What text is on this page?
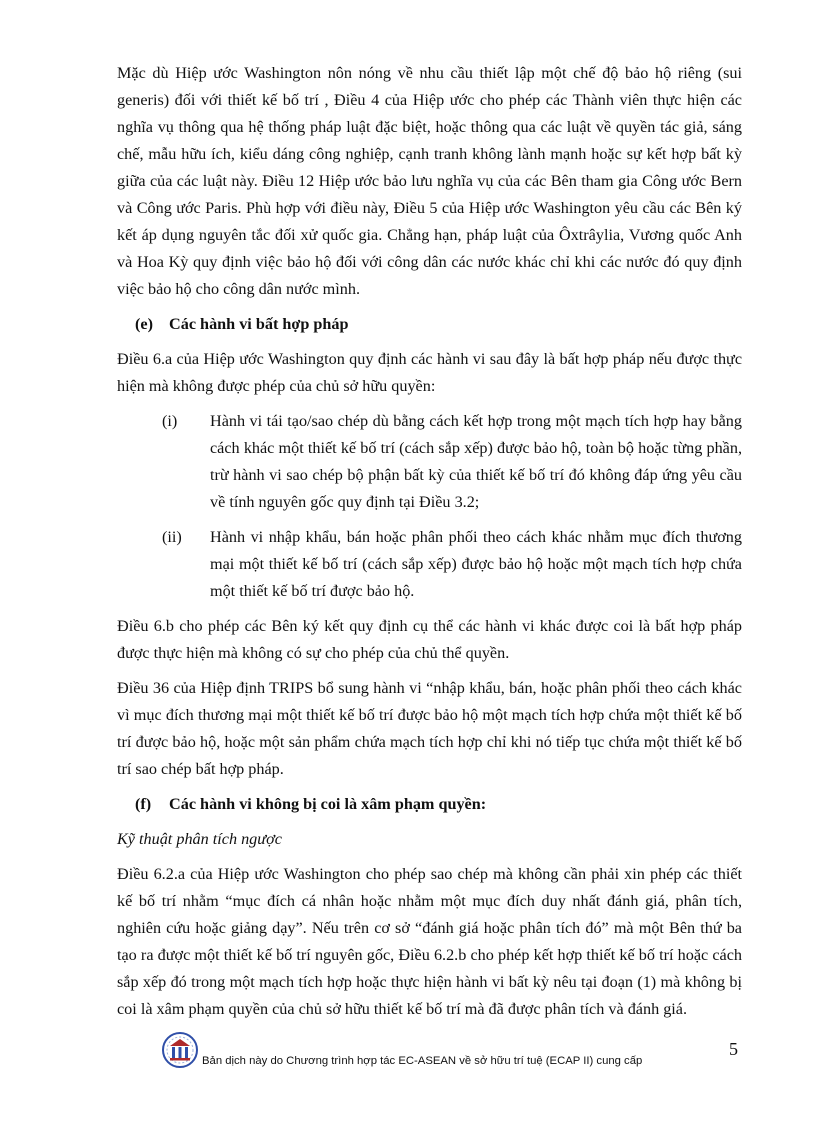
Mặc dù Hiệp ước Washington nôn nóng về nhu cầu thiết lập một chế độ bảo hộ riêng (sui generis) đối với thiết kế bố trí , Điều 4 của Hiệp ước cho phép các Thành viên thực hiện các nghĩa vụ thông qua hệ thống pháp luật đặc biệt, hoặc thông qua các luật về quyền tác giả, sáng chế, mẫu hữu ích, kiểu dáng công nghiệp, cạnh tranh không lành mạnh hoặc sự kết hợp bất kỳ giữa của các luật này. Điều 12 Hiệp ước bảo lưu nghĩa vụ của các Bên tham gia Công ước Bern và Công ước Paris. Phù hợp với điều này, Điều 5 của Hiệp ước Washington yêu cầu các Bên ký kết áp dụng nguyên tắc đối xử quốc gia. Chẳng hạn, pháp luật của Ôxtrâylia, Vương quốc Anh và Hoa Kỳ quy định việc bảo hộ đối với công dân các nước khác chỉ khi các nước đó quy định việc bảo hộ cho công dân nước mình.

(e) Các hành vi bất hợp pháp

Điều 6.a của Hiệp ước Washington quy định các hành vi sau đây là bất hợp pháp nếu được thực hiện mà không được phép của chủ sở hữu quyền:

(i)	Hành vi tái tạo/sao chép dù bằng cách kết hợp trong một mạch tích hợp hay bằng cách khác một thiết kế bố trí (cách sắp xếp) được bảo hộ, toàn bộ hoặc từng phần, trừ hành vi sao chép bộ phận bất kỳ của thiết kế bố trí đó không đáp ứng yêu cầu về tính nguyên gốc quy định tại Điều 3.2;
(ii)	Hành vi nhập khẩu, bán hoặc phân phối theo cách khác nhằm mục đích thương mại một thiết kế bố trí (cách sắp xếp) được bảo hộ hoặc một mạch tích hợp chứa một thiết kế bố trí được bảo hộ.

Điều 6.b cho phép các Bên ký kết quy định cụ thể các hành vi khác được coi là bất hợp pháp được thực hiện mà không có sự cho phép của chủ thể quyền.

Điều 36 của Hiệp định TRIPS bổ sung hành vi “nhập khẩu, bán, hoặc phân phối theo cách khác vì mục đích thương mại một thiết kế bố trí được bảo hộ một mạch tích hợp chứa một thiết kế bố trí được bảo hộ, hoặc một sản phẩm chứa mạch tích hợp chỉ khi nó tiếp tục chứa một thiết kế bố trí sao chép bất hợp pháp.

(f) Các hành vi không bị coi là xâm phạm quyền:
Kỹ thuật phân tích ngược

Điều 6.2.a của Hiệp ước Washington cho phép sao chép mà không cần phải xin phép các thiết kế bố trí nhằm “mục đích cá nhân hoặc nhằm một mục đích duy nhất đánh giá, phân tích, nghiên cứu hoặc giảng dạy”. Nếu trên cơ sở “đánh giá hoặc phân tích đó” mà một Bên thứ ba tạo ra được một thiết kế bố trí nguyên gốc, Điều 6.2.b cho phép kết hợp thiết kế bố trí hoặc cách sắp xếp đó trong một mạch tích hợp hoặc thực hiện hành vi bất kỳ nêu tại đoạn (1) mà không bị coi là xâm phạm quyền của chủ sở hữu thiết kế bố trí mà đã được phân tích và đánh giá.

Bản dịch này do Chương trình hợp tác EC-ASEAN về sở hữu trí tuệ (ECAP II) cung cấp
5
